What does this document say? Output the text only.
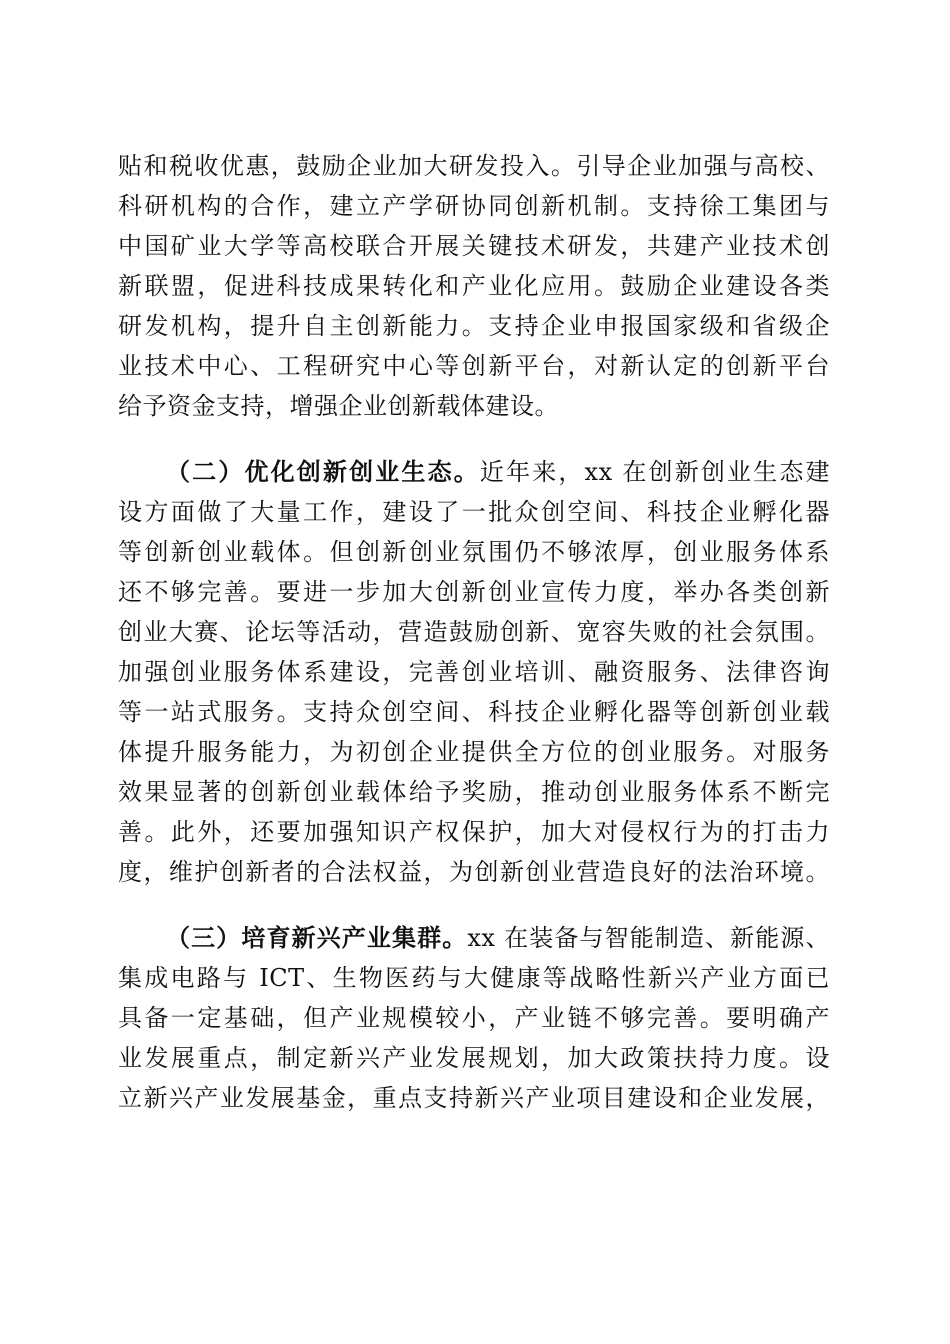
贴和税收优惠，鼓励企业加大研发投入。引导企业加强与高校、
科研机构的合作，建立产学研协同创新机制。支持徐工集团与
中国矿业大学等高校联合开展关键技术研发，共建产业技术创
新联盟，促进科技成果转化和产业化应用。鼓励企业建设各类
研发机构，提升自主创新能力。支持企业申报国家级和省级企
业技术中心、工程研究中心等创新平台，对新认定的创新平台
给予资金支持，增强企业创新载体建设。
（二）优化创新创业生态。近年来，xx 在创新创业生态建
设方面做了大量工作，建设了一批众创空间、科技企业孵化器
等创新创业载体。但创新创业氛围仍不够浓厚，创业服务体系
还不够完善。要进一步加大创新创业宣传力度，举办各类创新
创业大赛、论坛等活动，营造鼓励创新、宽容失败的社会氛围。
加强创业服务体系建设，完善创业培训、融资服务、法律咨询
等一站式服务。支持众创空间、科技企业孵化器等创新创业载
体提升服务能力，为初创企业提供全方位的创业服务。对服务
效果显著的创新创业载体给予奖励，推动创业服务体系不断完
善。此外，还要加强知识产权保护，加大对侵权行为的打击力
度，维护创新者的合法权益，为创新创业营造良好的法治环境。
（三）培育新兴产业集群。xx 在装备与智能制造、新能源、
集成电路与 ICT、生物医药与大健康等战略性新兴产业方面已
具备一定基础，但产业规模较小，产业链不够完善。要明确产
业发展重点，制定新兴产业发展规划，加大政策扶持力度。设
立新兴产业发展基金，重点支持新兴产业项目建设和企业发展，
